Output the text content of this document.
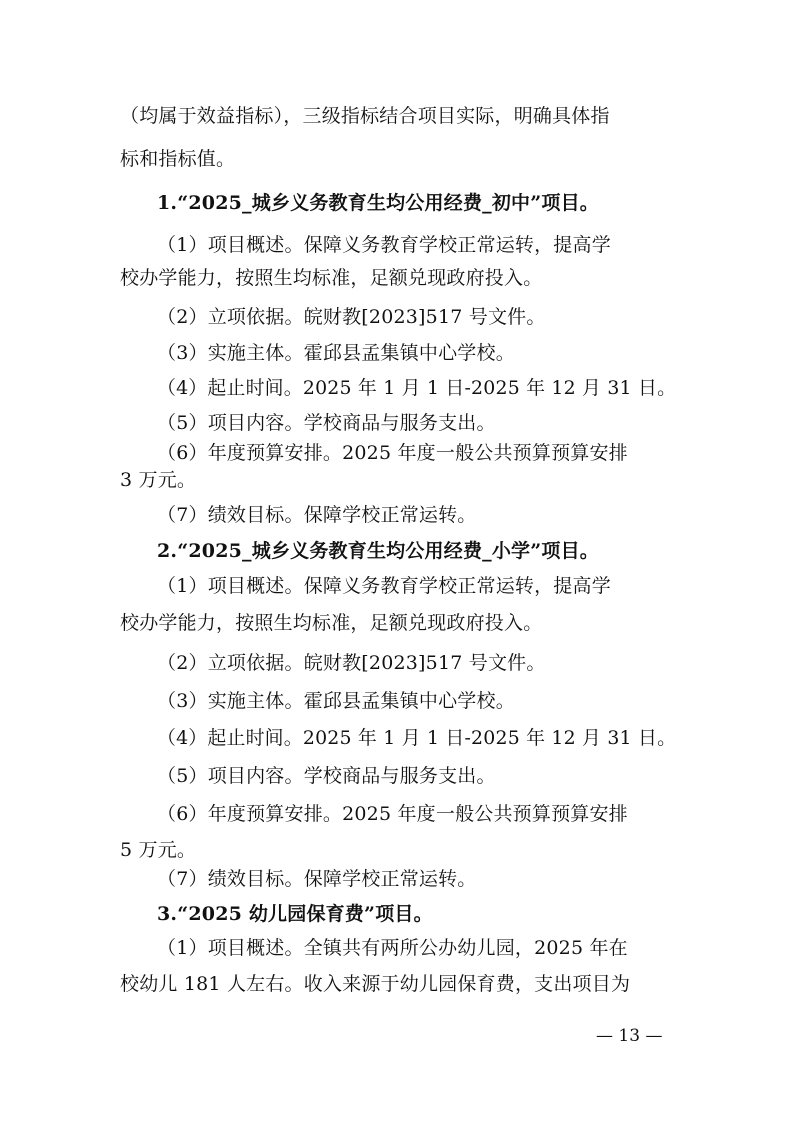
（均属于效益指标），三级指标结合项目实际，明确具体指
标和指标值。
1.“2025_城乡义务教育生均公用经费_初中”项目。
（1）项目概述。保障义务教育学校正常运转，提高学
校办学能力，按照生均标准，足额兑现政府投入。
（2）立项依据。皖财教[2023]517 号文件。
（3）实施主体。霍邱县孟集镇中心学校。
（4）起止时间。2025 年 1 月 1 日-2025 年 12 月 31 日。
（5）项目内容。学校商品与服务支出。
（6）年度预算安排。2025 年度一般公共预算预算安排
3 万元。
（7）绩效目标。保障学校正常运转。
2.“2025_城乡义务教育生均公用经费_小学”项目。
（1）项目概述。保障义务教育学校正常运转，提高学
校办学能力，按照生均标准，足额兑现政府投入。
（2）立项依据。皖财教[2023]517 号文件。
（3）实施主体。霍邱县孟集镇中心学校。
（4）起止时间。2025 年 1 月 1 日-2025 年 12 月 31 日。
（5）项目内容。学校商品与服务支出。
（6）年度预算安排。2025 年度一般公共预算预算安排
5 万元。
（7）绩效目标。保障学校正常运转。
3.“2025 幼儿园保育费”项目。
（1）项目概述。全镇共有两所公办幼儿园，2025 年在
校幼儿 181 人左右。收入来源于幼儿园保育费，支出项目为
— 13 —
